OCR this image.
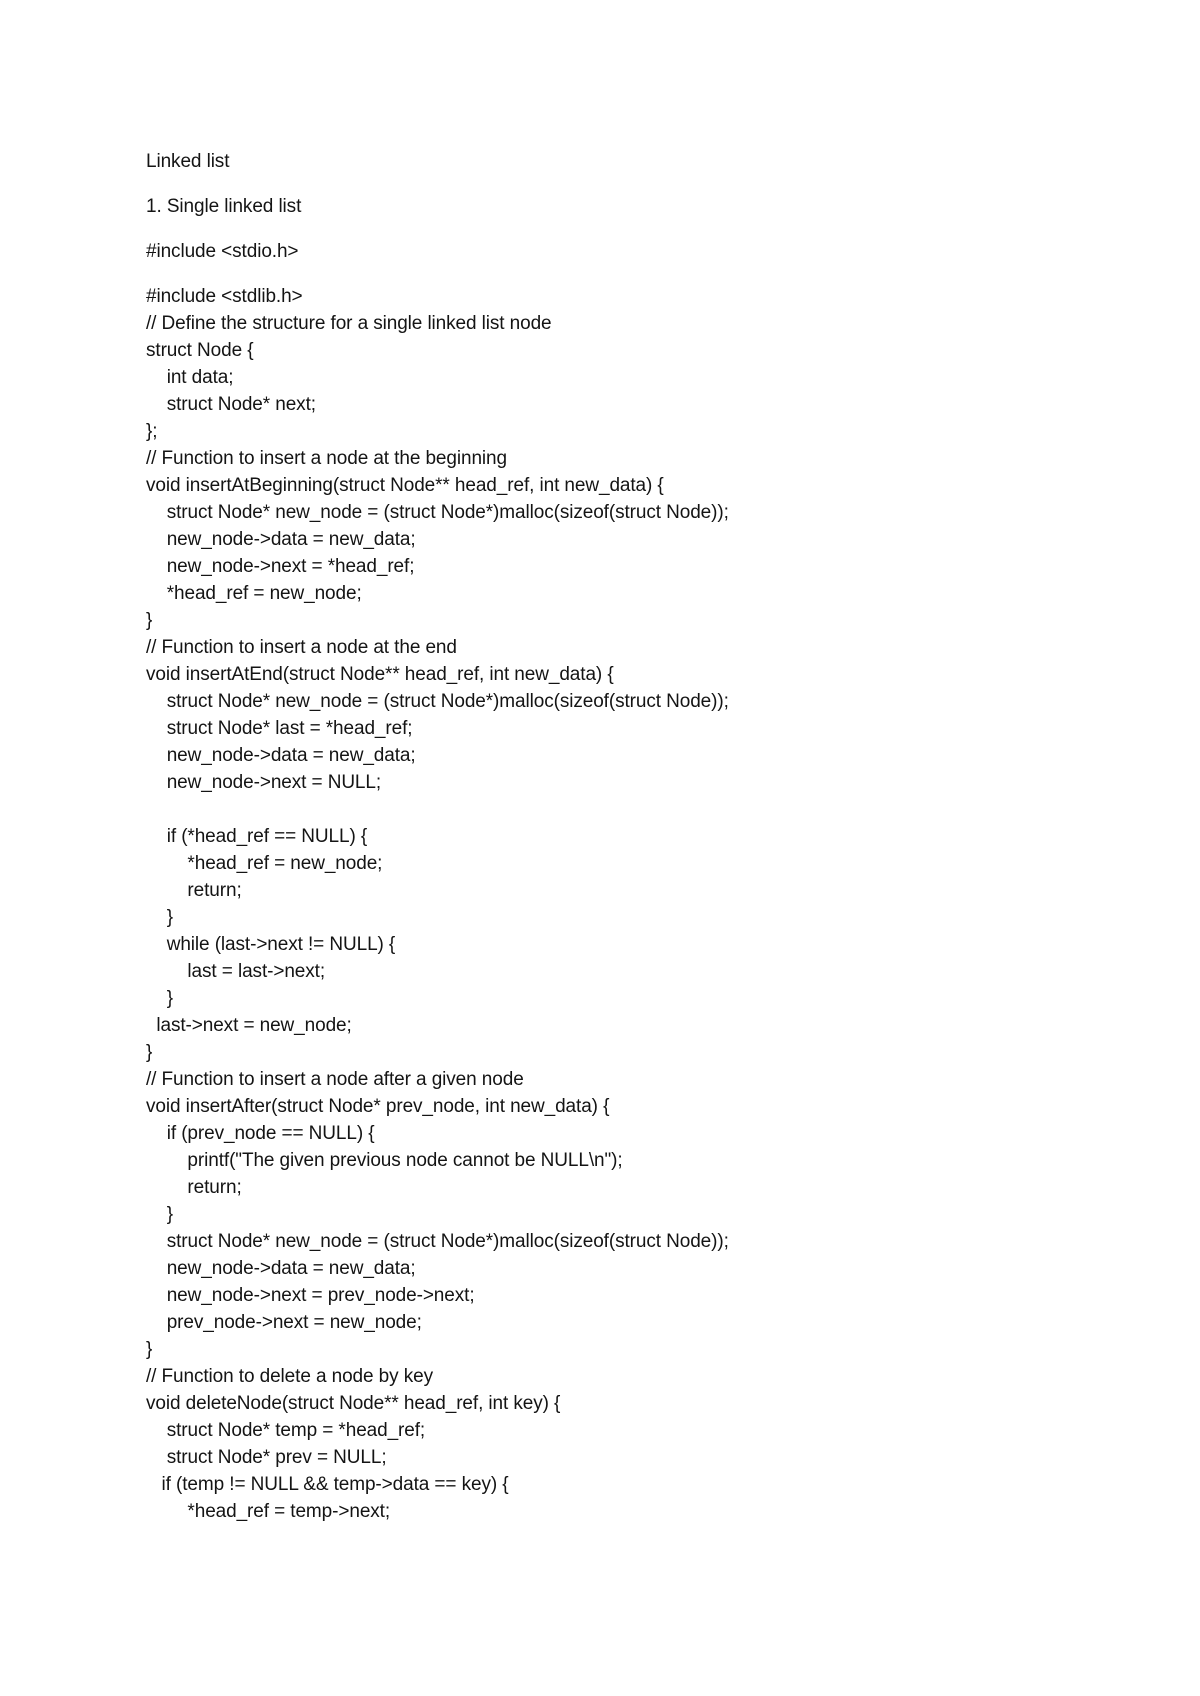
Linked list
1. Single linked list
#include <stdio.h>
#include <stdlib.h>
// Define the structure for a single linked list node
struct Node {
int data;
struct Node* next;
};
// Function to insert a node at the beginning
void insertAtBeginning(struct Node** head_ref, int new_data) {
struct Node* new_node = (struct Node*)malloc(sizeof(struct Node));
new_node->data = new_data;
new_node->next = *head_ref;
*head_ref = new_node;
}
// Function to insert a node at the end
void insertAtEnd(struct Node** head_ref, int new_data) {
struct Node* new_node = (struct Node*)malloc(sizeof(struct Node));
struct Node* last = *head_ref;
new_node->data = new_data;
new_node->next = NULL;
if (*head_ref == NULL) {
*head_ref = new_node;
return;
}
while (last->next != NULL) {
last = last->next;
}
last->next = new_node;
}
// Function to insert a node after a given node
void insertAfter(struct Node* prev_node, int new_data) {
if (prev_node == NULL) {
printf("The given previous node cannot be NULL\n");
return;
}
struct Node* new_node = (struct Node*)malloc(sizeof(struct Node));
new_node->data = new_data;
new_node->next = prev_node->next;
prev_node->next = new_node;
}
// Function to delete a node by key
void deleteNode(struct Node** head_ref, int key) {
struct Node* temp = *head_ref;
struct Node* prev = NULL;
if (temp != NULL && temp->data == key) {
*head_ref = temp->next;
